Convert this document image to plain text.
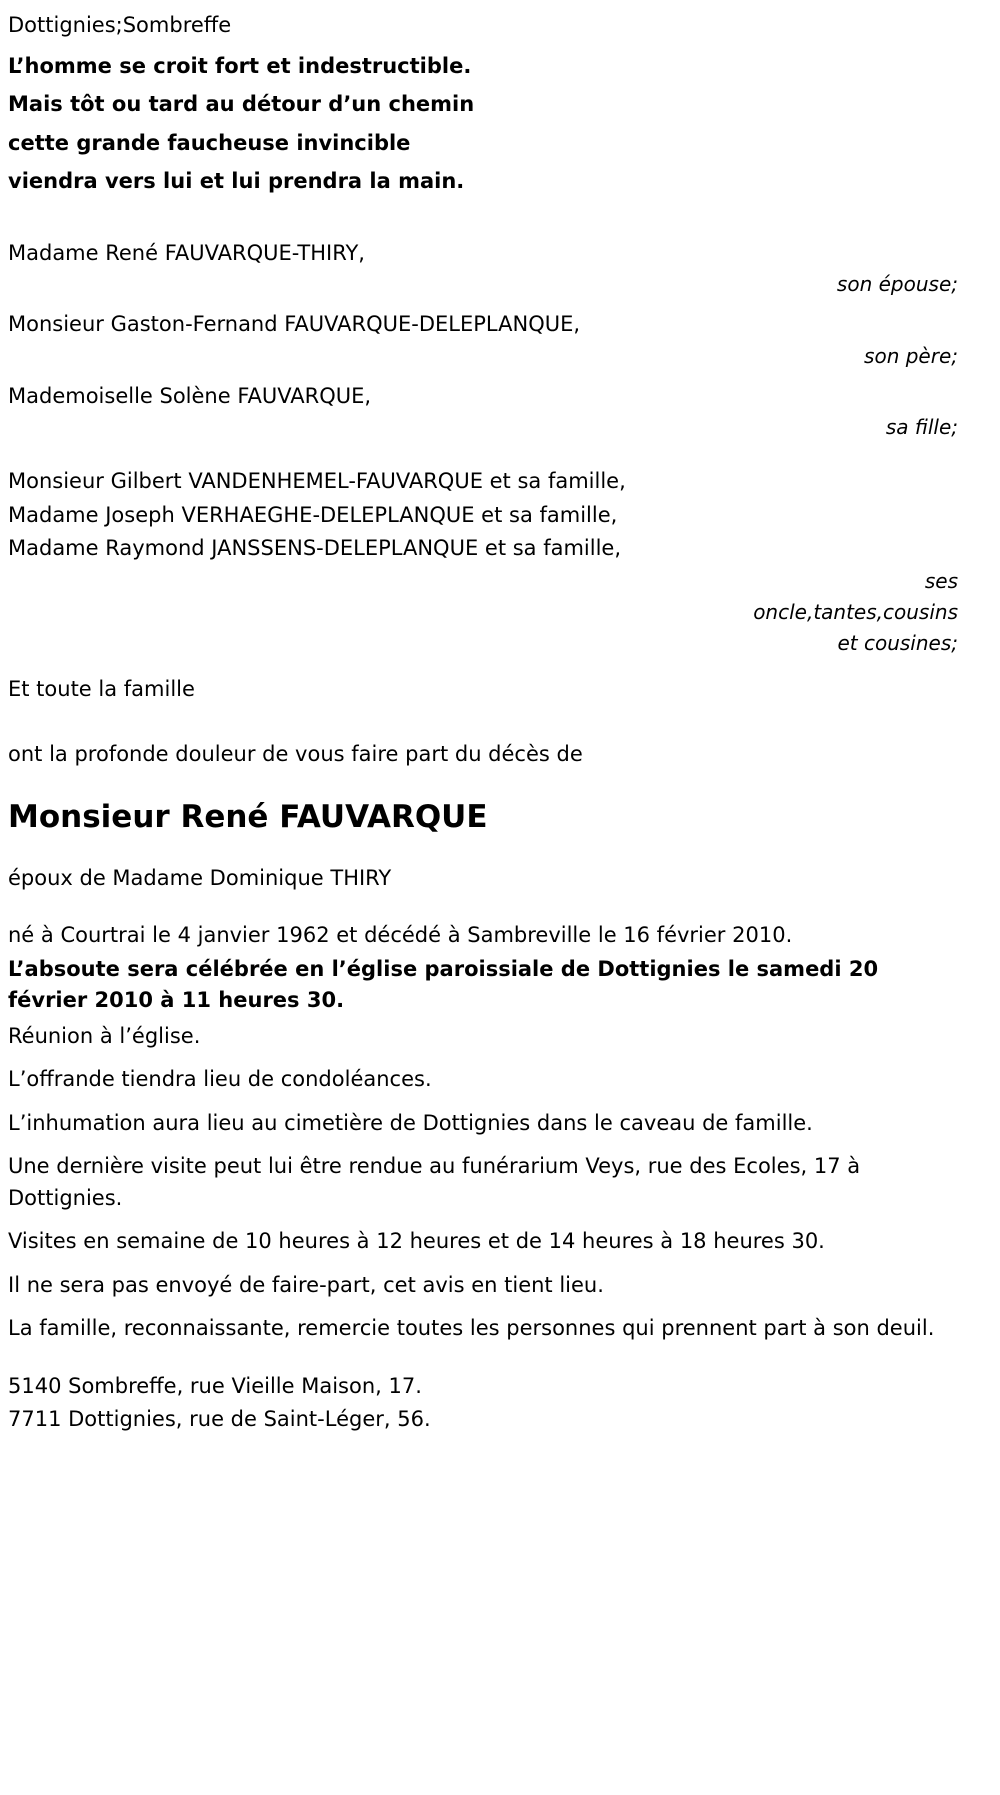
Dottignies;Sombreffe

L’homme se croit fort et indestructible.

Mais tôt ou tard au détour d’un chemin

cette grande faucheuse invincible

viendra vers lui et lui prendra la main.

Madame René FAUVARQUE-THIRY,

son épouse;

Monsieur Gaston-Fernand FAUVARQUE-DELEPLANQUE,

son père;

Mademoiselle Solène FAUVARQUE,

sa fille;

Monsieur Gilbert VANDENHEMEL-FAUVARQUE et sa famille,

Madame Joseph VERHAEGHE-DELEPLANQUE et sa famille,

Madame Raymond JANSSENS-DELEPLANQUE et sa famille,

ses

oncle,tantes,cousins

et cousines;

Et toute la famille

ont la profonde douleur de vous faire part du décès de

Monsieur René FAUVARQUE

époux de Madame Dominique THIRY

né à Courtrai le 4 janvier 1962 et décédé à Sambreville le 16 février 2010.

L’absoute sera célébrée en l’église paroissiale de Dottignies le samedi 20 février 2010 à 11 heures 30.

Réunion à l’église.

L’offrande tiendra lieu de condoléances.

L’inhumation aura lieu au cimetière de Dottignies dans le caveau de famille.

Une dernière visite peut lui être rendue au funérarium Veys, rue des Ecoles, 17 à Dottignies.

Visites en semaine de 10 heures à 12 heures et de 14 heures à 18 heures 30.

Il ne sera pas envoyé de faire-part, cet avis en tient lieu.

La famille, reconnaissante, remercie toutes les personnes qui prennent part à son deuil.

5140 Sombreffe, rue Vieille Maison, 17.

7711 Dottignies, rue de Saint-Léger, 56.
